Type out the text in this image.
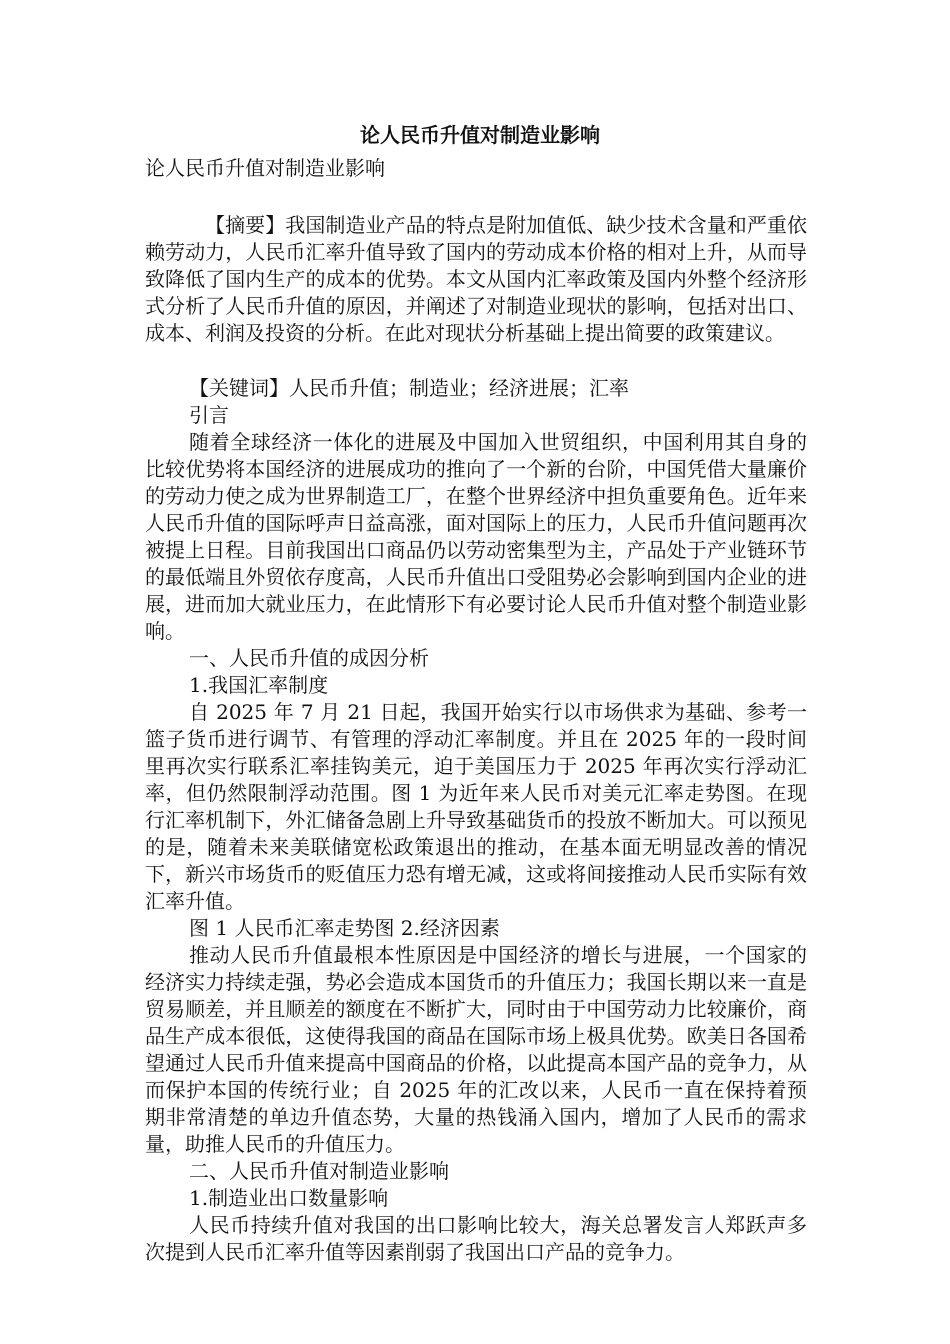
论人民币升值对制造业影响

论人民币升值对制造业影响

【摘要】我国制造业产品的特点是附加值低、缺少技术含量和严重依赖劳动力，人民币汇率升值导致了国内的劳动成本价格的相对上升，从而导致降低了国内生产的成本的优势。本文从国内汇率政策及国内外整个经济形式分析了人民币升值的原因，并阐述了对制造业现状的影响，包括对出口、成本、利润及投资的分析。在此对现状分析基础上提出简要的政策建议。

【关键词】人民币升值；制造业；经济进展；汇率

引言

随着全球经济一体化的进展及中国加入世贸组织，中国利用其自身的比较优势将本国经济的进展成功的推向了一个新的台阶，中国凭借大量廉价的劳动力使之成为世界制造工厂，在整个世界经济中担负重要角色。近年来人民币升值的国际呼声日益高涨，面对国际上的压力，人民币升值问题再次被提上日程。目前我国出口商品仍以劳动密集型为主，产品处于产业链环节的最低端且外贸依存度高，人民币升值出口受阻势必会影响到国内企业的进展，进而加大就业压力，在此情形下有必要讨论人民币升值对整个制造业影响。

一、人民币升值的成因分析

1.我国汇率制度

自 2025 年 7 月 21 日起，我国开始实行以市场供求为基础、参考一篮子货币进行调节、有管理的浮动汇率制度。并且在 2025 年的一段时间里再次实行联系汇率挂钩美元，迫于美国压力于 2025 年再次实行浮动汇率，但仍然限制浮动范围。图 1 为近年来人民币对美元汇率走势图。在现行汇率机制下，外汇储备急剧上升导致基础货币的投放不断加大。可以预见的是，随着未来美联储宽松政策退出的推动，在基本面无明显改善的情况下，新兴市场货币的贬值压力恐有增无减，这或将间接推动人民币实际有效汇率升值。

图 1 人民币汇率走势图 2.经济因素

推动人民币升值最根本性原因是中国经济的增长与进展，一个国家的经济实力持续走强，势必会造成本国货币的升值压力；我国长期以来一直是贸易顺差，并且顺差的额度在不断扩大，同时由于中国劳动力比较廉价，商品生产成本很低，这使得我国的商品在国际市场上极具优势。欧美日各国希望通过人民币升值来提高中国商品的价格，以此提高本国产品的竞争力，从而保护本国的传统行业；自 2025 年的汇改以来，人民币一直在保持着预期非常清楚的单边升值态势，大量的热钱涌入国内，增加了人民币的需求量，助推人民币的升值压力。

二、人民币升值对制造业影响

1.制造业出口数量影响

人民币持续升值对我国的出口影响比较大，海关总署发言人郑跃声多次提到人民币汇率升值等因素削弱了我国出口产品的竞争力。
